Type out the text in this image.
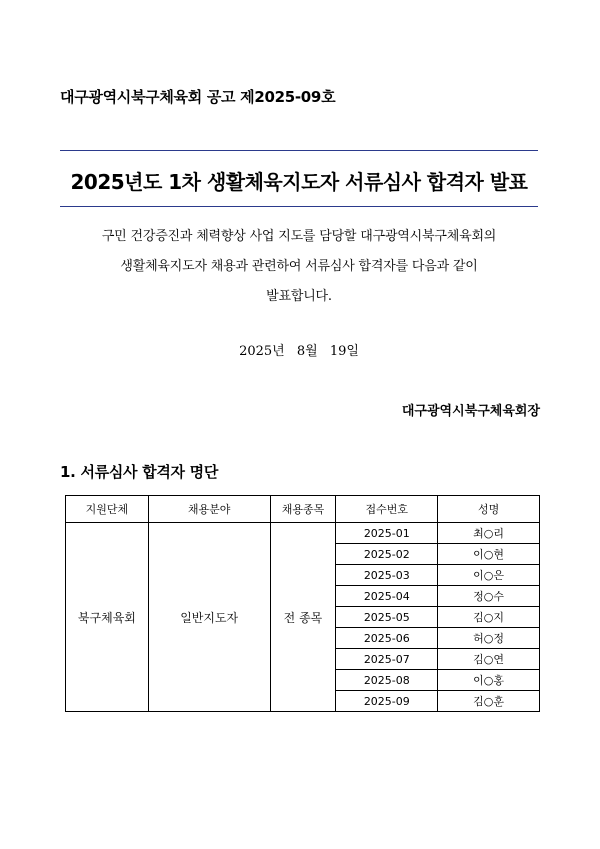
대구광역시북구체육회 공고 제2025-09호
2025년도 1차 생활체육지도자 서류심사 합격자 발표
구민 건강증진과 체력향상 사업 지도를 담당할 대구광역시북구체육회의
생활체육지도자 채용과 관련하여 서류심사 합격자를 다음과 같이
발표합니다.
2025년 8월 19일
대구광역시북구체육회장
1. 서류심사 합격자 명단
지원단체	채용분야	채용종목	접수번호	성명
북구체육회	일반지도자	전 종목	2025-01	최○리
			2025-02	이○현
			2025-03	이○은
			2025-04	정○수
			2025-05	김○지
			2025-06	허○정
			2025-07	김○연
			2025-08	이○홍
			2025-09	김○훈
